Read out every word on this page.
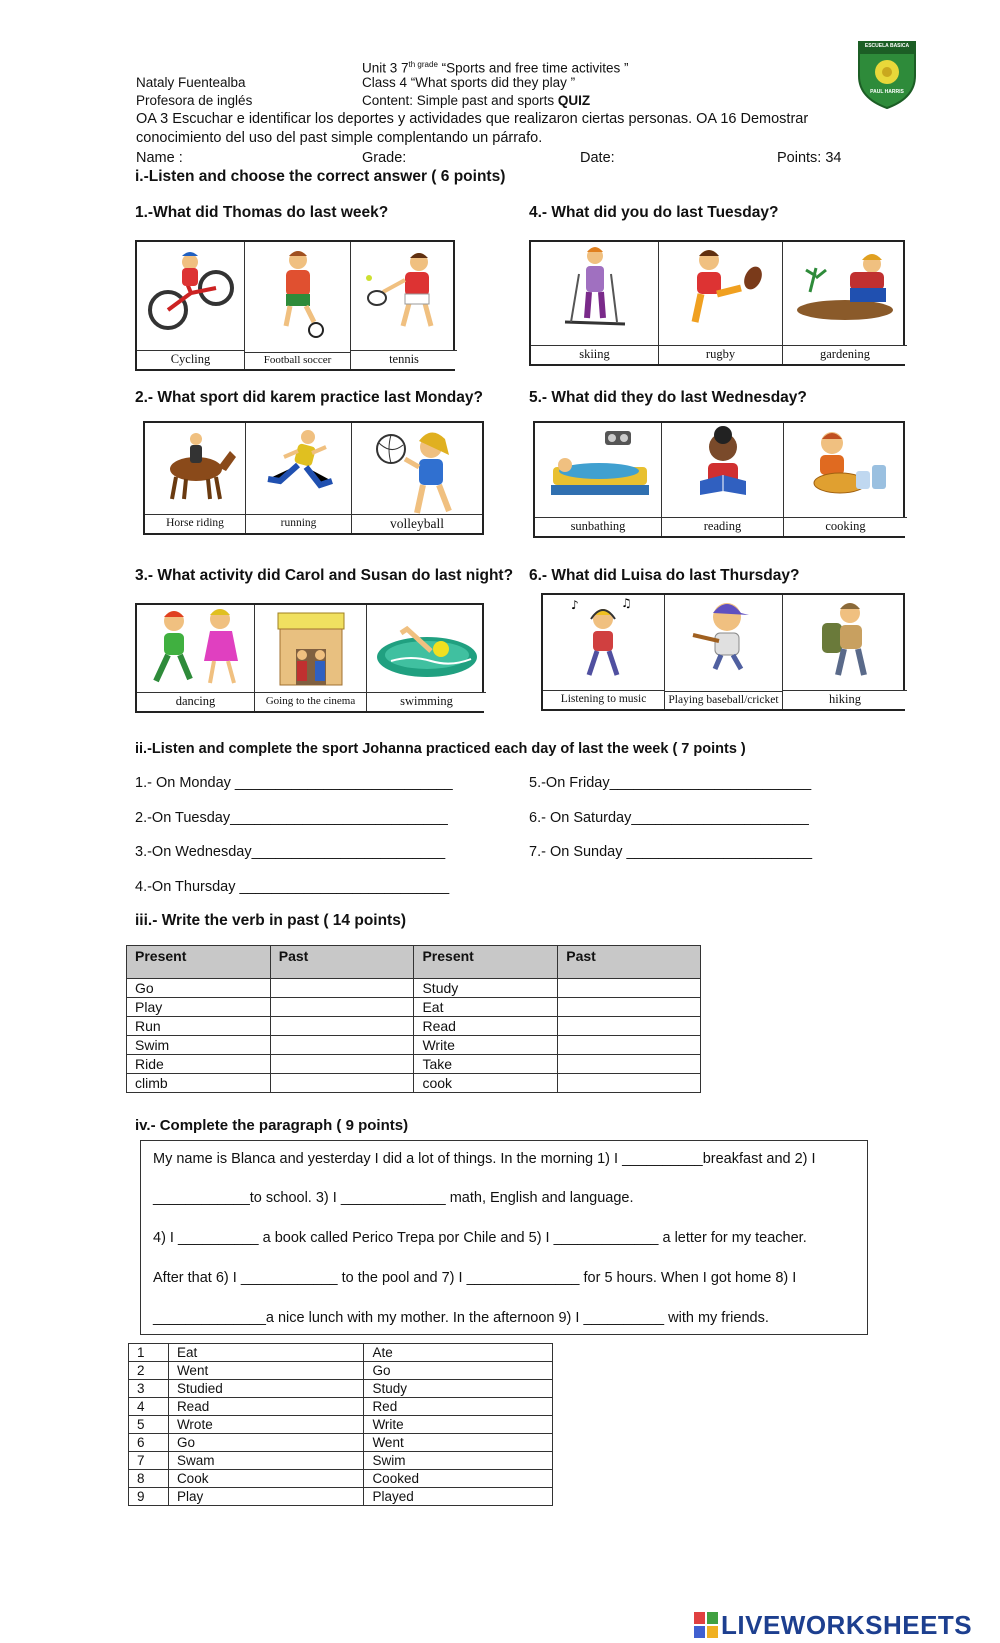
Unit 3 $7^{th grade}$ “Sports and free time activites ”
Nataly Fuentealba	Class 4 “What sports did they play ”
Profesora de inglés	Content: Simple past and sports QUIZ
OA 3 Escuchar e identificar los deportes y actividades que realizaron ciertas personas. OA 16 Demostrar
conocimiento del uso del past simple complentando un párrafo.
Name :	Grade:	Date:	Points: 34
ESCUELA BASICA
PAUL HARRIS
i.-Listen and choose the correct answer ( 6 points)
1.-What did Thomas do last week?	4.- What did you do last Tuesday?
Cycling	Football soccer	tennis	skiing	rugby	gardening
2.- What sport did karem practice last Monday?	5.- What did they do last Wednesday?
Horse riding	running	volleyball	sunbathing	reading	cooking
3.- What activity did Carol and Susan do last night? 6.- What did Luisa do last Thursday?
dancing	Going to the cinema	swimming
♪	♫
Listening to music	Playing baseball/cricket	hiking
ii.-Listen and complete the sport Johanna practiced each day of last the week ( 7 points )
1.- On Monday ___________________________
2.-On Tuesday___________________________
3.-On Wednesday________________________
4.-On Thursday __________________________
5.-On Friday_________________________
6.- On Saturday______________________
7.- On Sunday _______________________
iii.- Write the verb in past ( 14 points)
Present	Past	Present	Past
Go		Study	
Play		Eat	
Run		Read	
Swim		Write	
Ride		Take	
climb		cook	
iv.- Complete the paragraph ( 9 points)
My name is Blanca and yesterday I did a lot of things. In the morning 1) I __________breakfast and 2) I
____________to school. 3) I _____________ math, English and language.
4) I __________ a book called Perico Trepa por Chile and 5) I _____________ a letter for my teacher.
After that 6) I ____________ to the pool and 7) I ______________ for 5 hours. When I got home 8) I
______________a nice lunch with my mother. In the afternoon 9) I __________ with my friends.
1	Eat	Ate
2	Went	Go
3	Studied	Study
4	Read	Red
5	Wrote	Write
6	Go	Went
7	Swam	Swim
8	Cook	Cooked
9	Play	Played
LIVEWORKSHEETS
